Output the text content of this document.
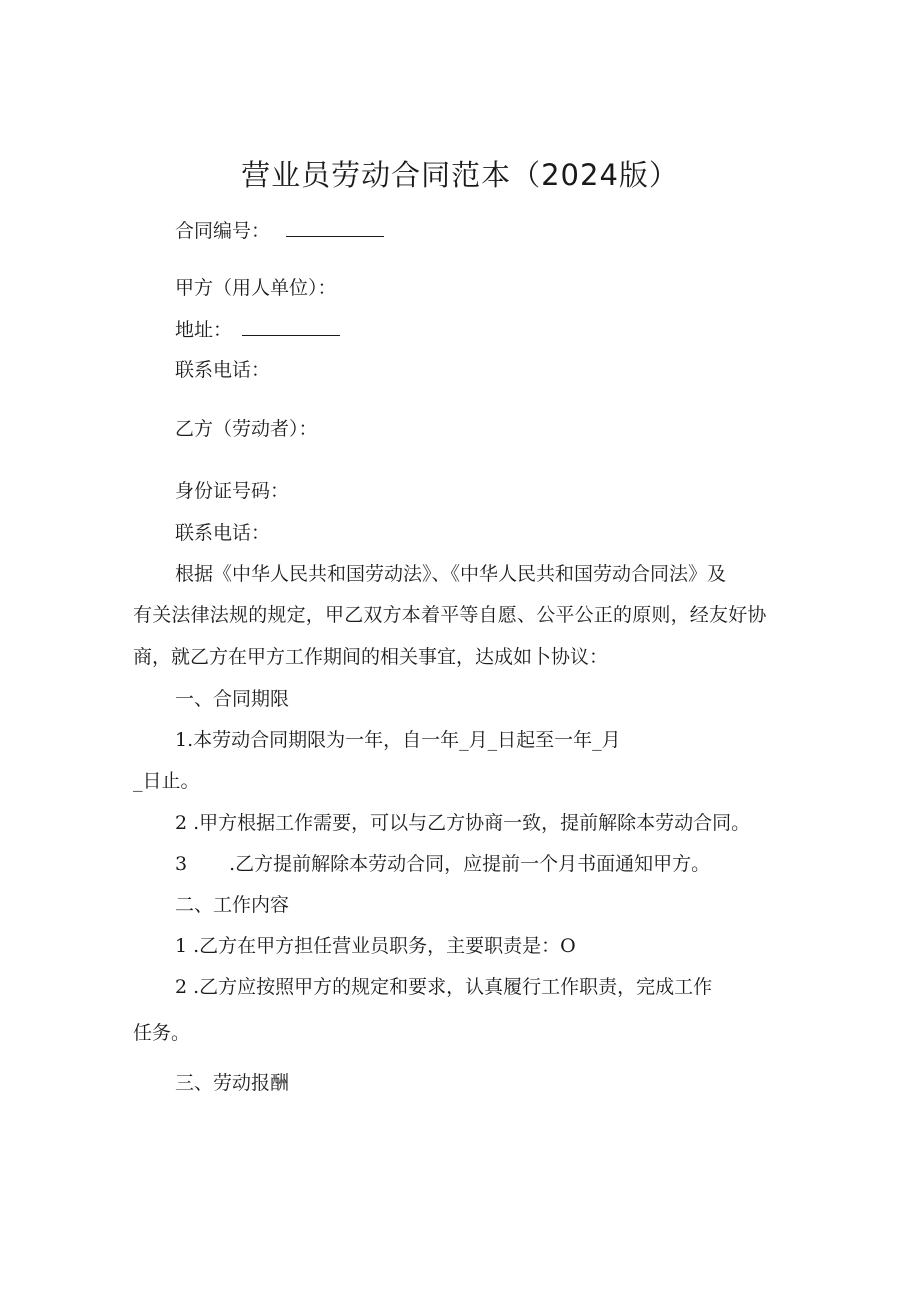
营业员劳动合同范本（2024版）
合同编号：
甲方（用人单位）：
地址：
联系电话：
乙方（劳动者）：
身份证号码：
联系电话：
根据《中华人民共和国劳动法》、《中华人民共和国劳动合同法》及
有关法律法规的规定，甲乙双方本着平等自愿、公平公正的原则，经友好协
商，就乙方在甲方工作期间的相关事宜，达成如卜协议：
一、合同期限
1.本劳动合同期限为一年，自一年_月_日起至一年_月
_日止。
2 .甲方根据工作需要，可以与乙方协商一致，提前解除本劳动合同。
3 .乙方提前解除本劳动合同，应提前一个月书面通知甲方。
二、工作内容
1 .乙方在甲方担任营业员职务，主要职责是：O
2 .乙方应按照甲方的规定和要求，认真履行工作职责，完成工作
任务。
三、劳动报酬
